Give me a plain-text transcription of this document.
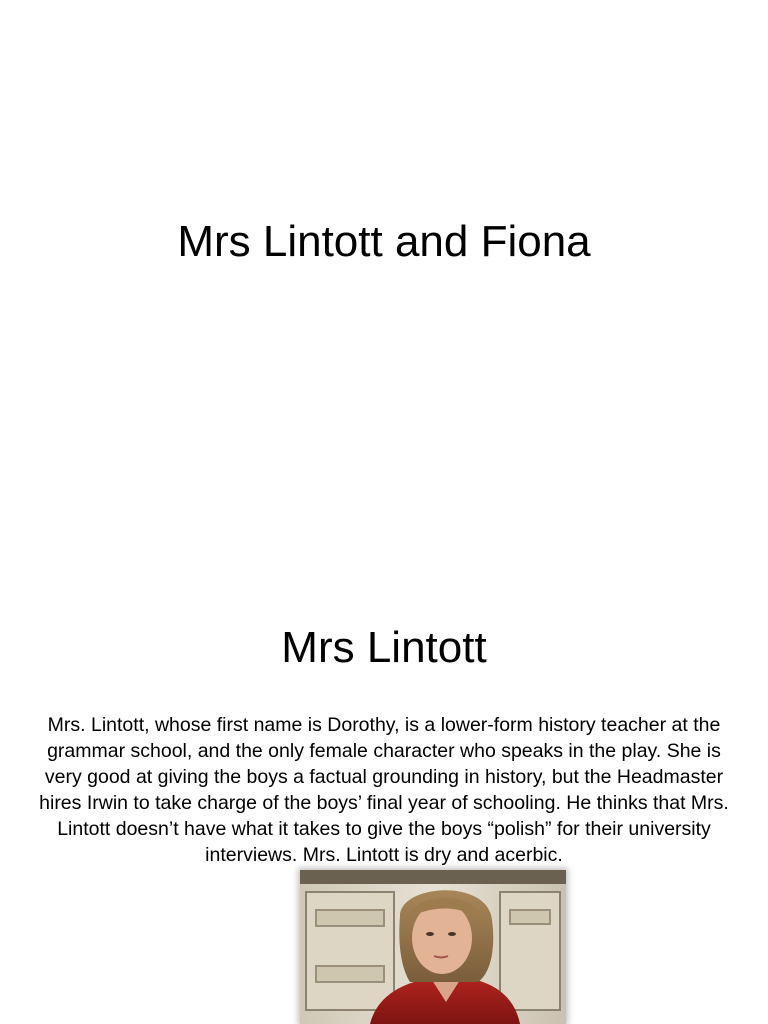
Mrs Lintott and Fiona
Mrs Lintott

Mrs. Lintott, whose first name is Dorothy, is a lower-form history teacher at the grammar school, and the only female character who speaks in the play. She is very good at giving the boys a factual grounding in history, but the Headmaster hires Irwin to take charge of the boys’ final year of schooling. He thinks that Mrs. Lintott doesn’t have what it takes to give the boys “polish” for their university interviews. Mrs. Lintott is dry and acerbic.
